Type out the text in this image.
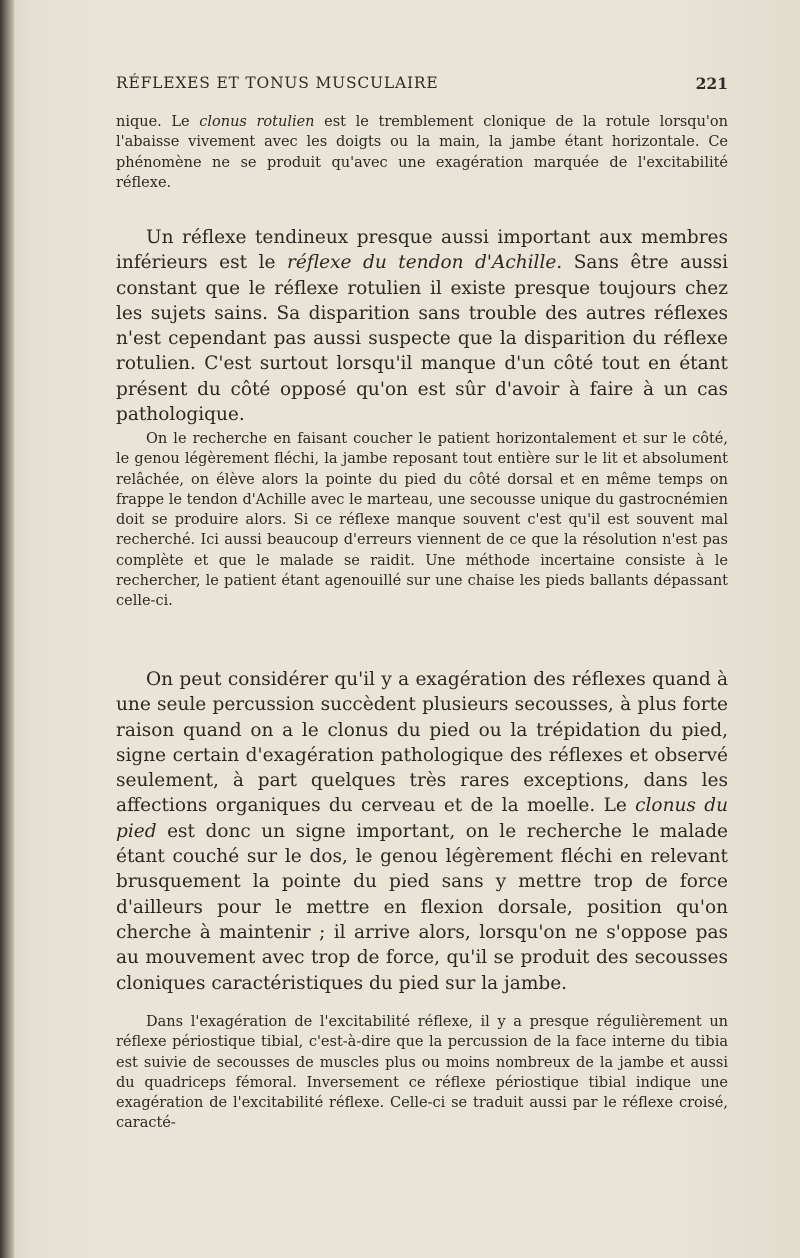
RÉFLEXES ET TONUS MUSCULAIRE	221

nique. Le clonus rotulien est le tremblement clonique de la rotule lorsqu'on l'abaisse vivement avec les doigts ou la main, la jambe étant horizontale. Ce phénomène ne se produit qu'avec une exagération marquée de l'excitabilité réflexe.

Un réflexe tendineux presque aussi important aux membres inférieurs est le réflexe du tendon d'Achille. Sans être aussi constant que le réflexe rotulien il existe presque toujours chez les sujets sains. Sa disparition sans trouble des autres réflexes n'est cependant pas aussi suspecte que la disparition du réflexe rotulien. C'est surtout lorsqu'il manque d'un côté tout en étant présent du côté opposé qu'on est sûr d'avoir à faire à un cas pathologique.

On le recherche en faisant coucher le patient horizontalement et sur le côté, le genou légèrement fléchi, la jambe reposant tout entière sur le lit et absolument relâchée, on élève alors la pointe du pied du côté dorsal et en même temps on frappe le tendon d'Achille avec le marteau, une secousse unique du gastrocnémien doit se produire alors. Si ce réflexe manque souvent c'est qu'il est souvent mal recherché. Ici aussi beaucoup d'erreurs viennent de ce que la résolution n'est pas complète et que le malade se raidit. Une méthode incertaine consiste à le rechercher, le patient étant agenouillé sur une chaise les pieds ballants dépassant celle-ci.

On peut considérer qu'il y a exagération des réflexes quand à une seule percussion succèdent plusieurs secousses, à plus forte raison quand on a le clonus du pied ou la trépidation du pied, signe certain d'exagération pathologique des réflexes et observé seulement, à part quelques très rares exceptions, dans les affections organiques du cerveau et de la moelle. Le clonus du pied est donc un signe important, on le recherche le malade étant couché sur le dos, le genou légèrement fléchi en relevant brusquement la pointe du pied sans y mettre trop de force d'ailleurs pour le mettre en flexion dorsale, position qu'on cherche à maintenir ; il arrive alors, lorsqu'on ne s'oppose pas au mouvement avec trop de force, qu'il se produit des secousses cloniques caractéristiques du pied sur la jambe.

Dans l'exagération de l'excitabilité réflexe, il y a presque régulièrement un réflexe périostique tibial, c'est-à-dire que la percussion de la face interne du tibia est suivie de secousses de muscles plus ou moins nombreux de la jambe et aussi du quadriceps fémoral. Inversement ce réflexe périostique tibial indique une exagération de l'excitabilité réflexe. Celle-ci se traduit aussi par le réflexe croisé, caracté-
